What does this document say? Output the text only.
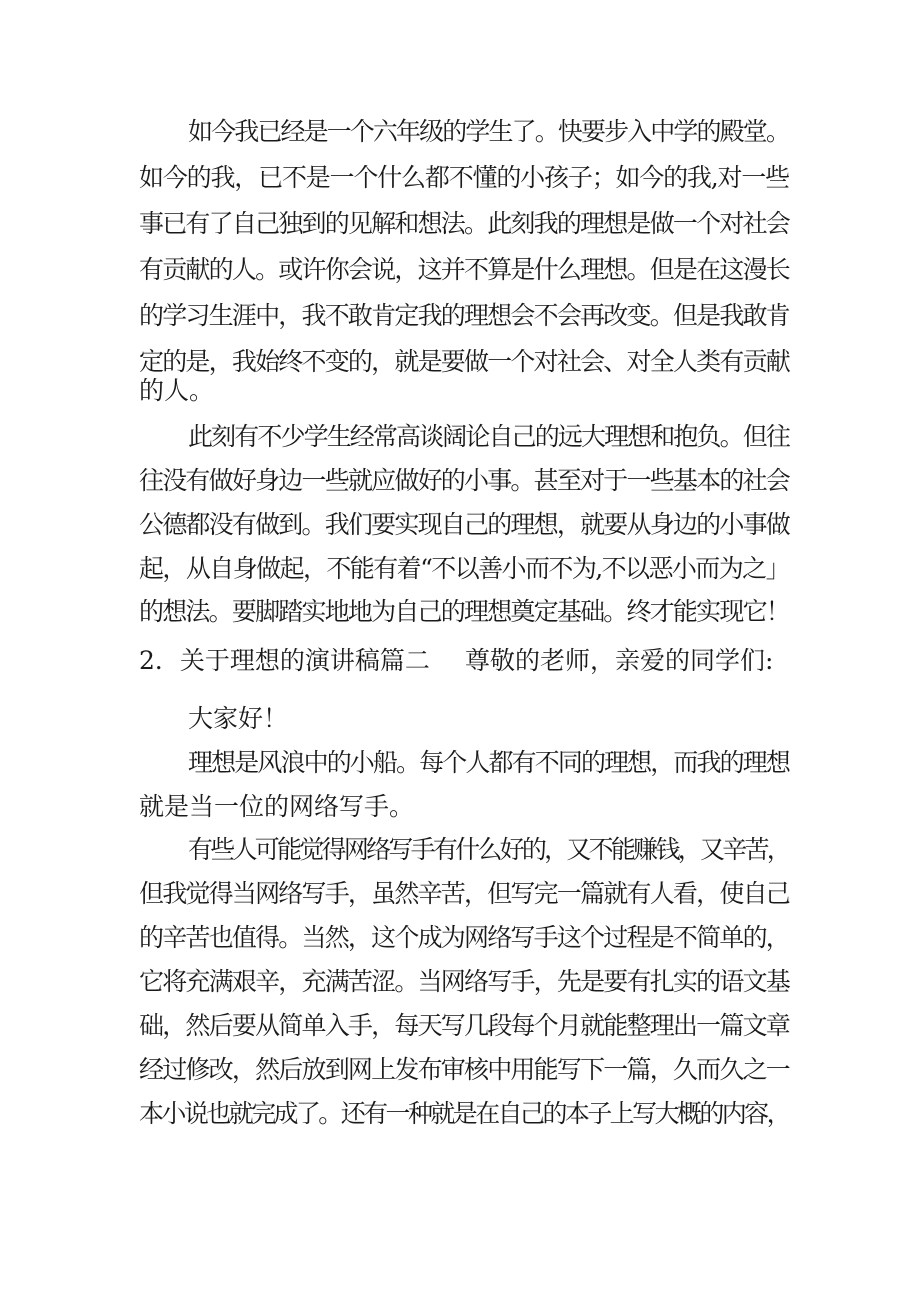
如今我已经是一个六年级的学生了。快要步入中学的殿堂。
如今的我，已不是一个什么都不懂的小孩子；如今的我,对一些
事已有了自己独到的见解和想法。此刻我的理想是做一个对社会
有贡献的人。或许你会说，这并不算是什么理想。但是在这漫长
的学习生涯中，我不敢肯定我的理想会不会再改变。但是我敢肯
定的是，我始终不变的，就是要做一个对社会、对全人类有贡献
的人。
此刻有不少学生经常高谈阔论自己的远大理想和抱负。但往
往没有做好身边一些就应做好的小事。甚至对于一些基本的社会
公德都没有做到。我们要实现自己的理想，就要从身边的小事做
起，从自身做起，不能有着“不以善小而不为,不以恶小而为之」
的想法。要脚踏实地地为自己的理想奠定基础。终才能实现它！
2．关于理想的演讲稿篇二 尊敬的老师，亲爱的同学们:
大家好！
理想是风浪中的小船。每个人都有不同的理想，而我的理想
就是当一位的网络写手。
有些人可能觉得网络写手有什么好的，又不能赚钱，又辛苦，
但我觉得当网络写手，虽然辛苦，但写完一篇就有人看，使自己
的辛苦也值得。当然，这个成为网络写手这个过程是不简单的，
它将充满艰辛，充满苦涩。当网络写手，先是要有扎实的语文基
础，然后要从简单入手，每天写几段每个月就能整理出一篇文章
经过修改，然后放到网上发布审核中用能写下一篇，久而久之一
本小说也就完成了。还有一种就是在自己的本子上写大概的内容，
